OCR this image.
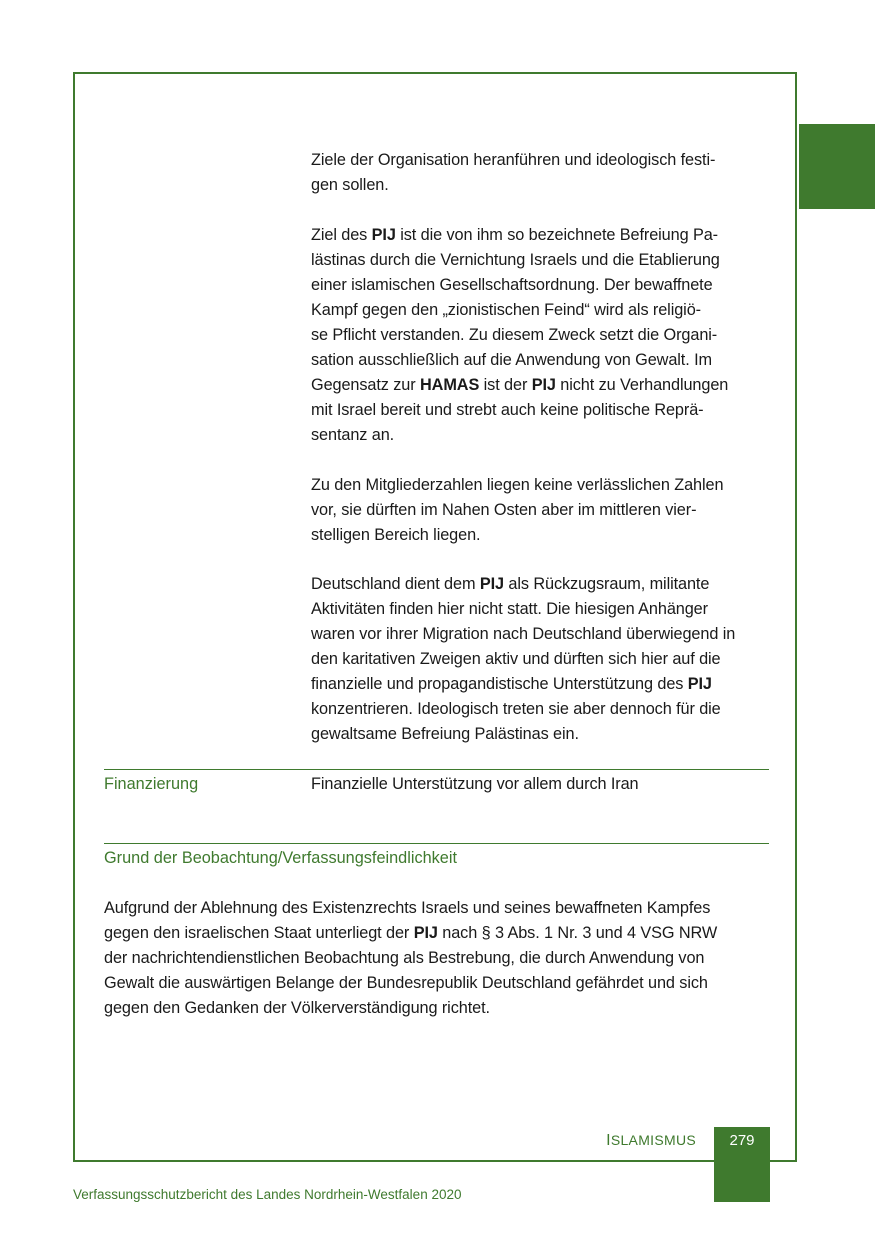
Ziele der Organisation heranführen und ideologisch festi-

gen sollen.

Ziel des PIJ ist die von ihm so bezeichnete Befreiung Pa-

lästinas durch die Vernichtung Israels und die Etablierung

einer islamischen Gesellschaftsordnung. Der bewaffnete

Kampf gegen den „zionistischen Feind“ wird als religiö-

se Pflicht verstanden. Zu diesem Zweck setzt die Organi-

sation ausschließlich auf die Anwendung von Gewalt. Im

Gegensatz zur HAMAS ist der PIJ nicht zu Verhandlungen

mit Israel bereit und strebt auch keine politische Reprä-

sentanz an.

Zu den Mitgliederzahlen liegen keine verlässlichen Zahlen

vor, sie dürften im Nahen Osten aber im mittleren vier-

stelligen Bereich liegen.

Deutschland dient dem PIJ als Rückzugsraum, militante

Aktivitäten finden hier nicht statt. Die hiesigen Anhänger

waren vor ihrer Migration nach Deutschland überwiegend in

den karitativen Zweigen aktiv und dürften sich hier auf die

finanzielle und propagandistische Unterstützung des PIJ

konzentrieren. Ideologisch treten sie aber dennoch für die

gewaltsame Befreiung Palästinas ein.

Finanzierung	Finanzielle Unterstützung vor allem durch Iran

Grund der Beobachtung/Verfassungsfeindlichkeit

Aufgrund der Ablehnung des Existenzrechts Israels und seines bewaffneten Kampfes

gegen den israelischen Staat unterliegt der PIJ nach § 3 Abs. 1 Nr. 3 und 4 VSG NRW

der nachrichtendienstlichen Beobachtung als Bestrebung, die durch Anwendung von

Gewalt die auswärtigen Belange der Bundesrepublik Deutschland gefährdet und sich

gegen den Gedanken der Völkerverständigung richtet.

ISLAMISMUS	279
Verfassungsschutzbericht des Landes Nordrhein-Westfalen 2020
